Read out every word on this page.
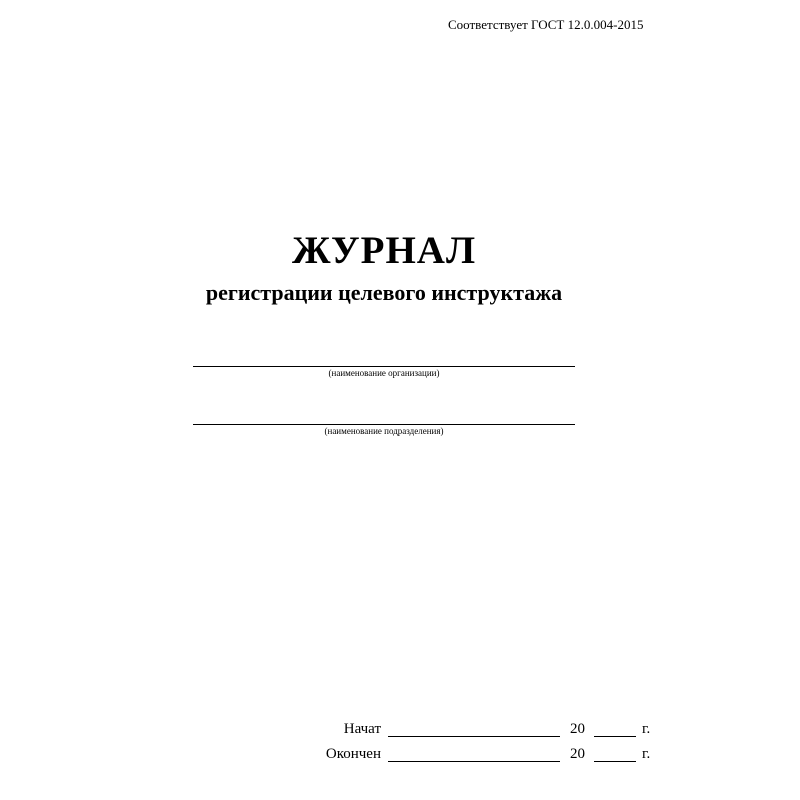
Соответствует ГОСТ 12.0.004-2015
ЖУРНАЛ
регистрации целевого инструктажа
(наименование организации)
(наименование подразделения)
Начат	20	г.
Окончен	20	г.
